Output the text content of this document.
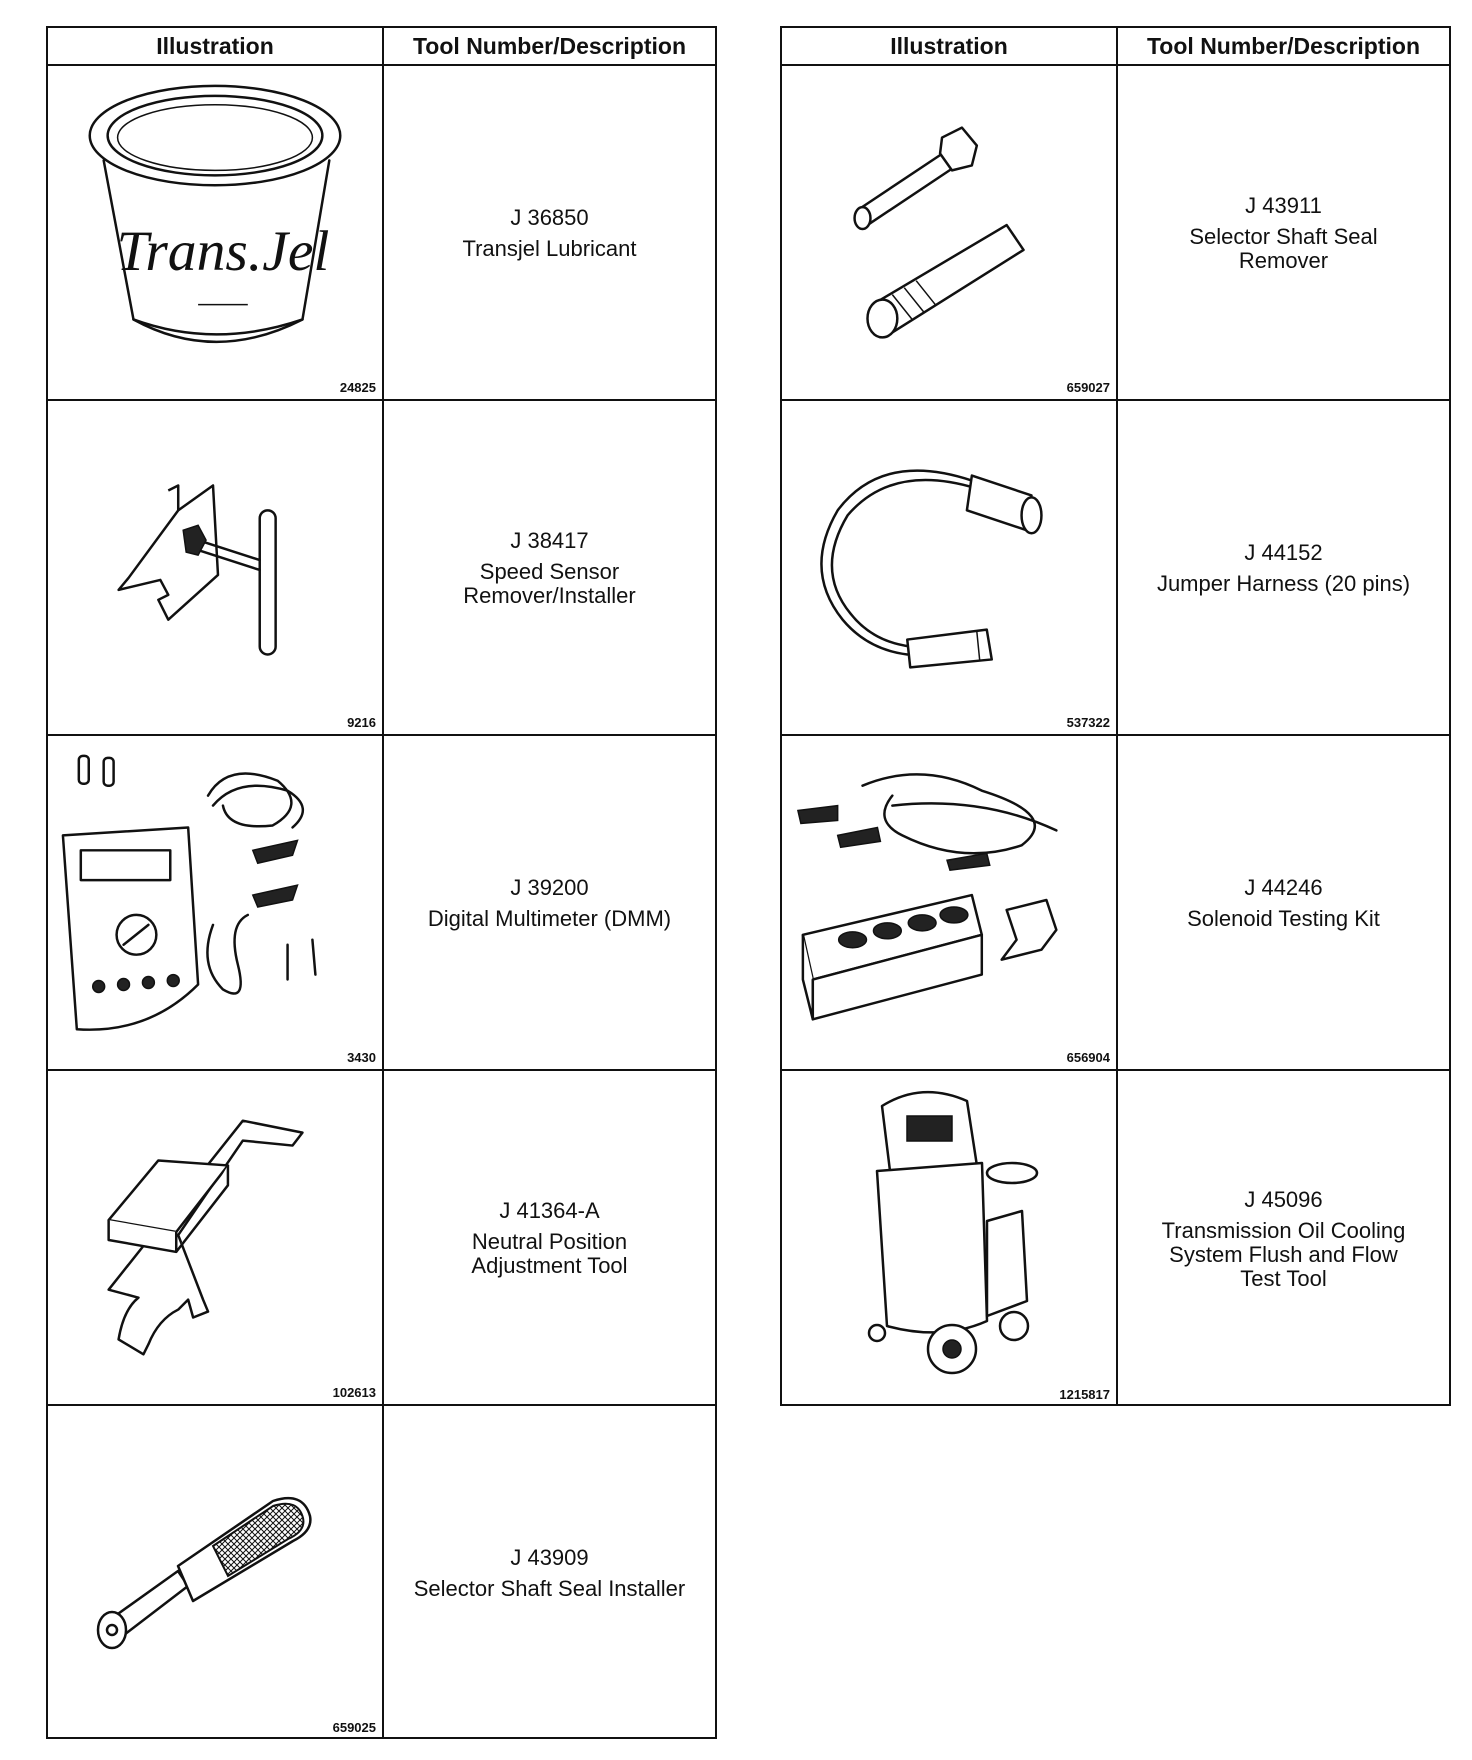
Illustration	Tool Number/Description
Trans.Jel
24825
J 36850
Transjel Lubricant
9216
J 38417
Speed Sensor
Remover/Installer
3430
J 39200
Digital Multimeter (DMM)
102613
J 41364-A
Neutral Position
Adjustment Tool
659025
J 43909
Selector Shaft Seal Installer
Illustration	Tool Number/Description
659027
J 43911
Selector Shaft Seal
Remover
537322
J 44152
Jumper Harness (20 pins)
656904
J 44246
Solenoid Testing Kit
1215817
J 45096
Transmission Oil Cooling
System Flush and Flow
Test Tool
